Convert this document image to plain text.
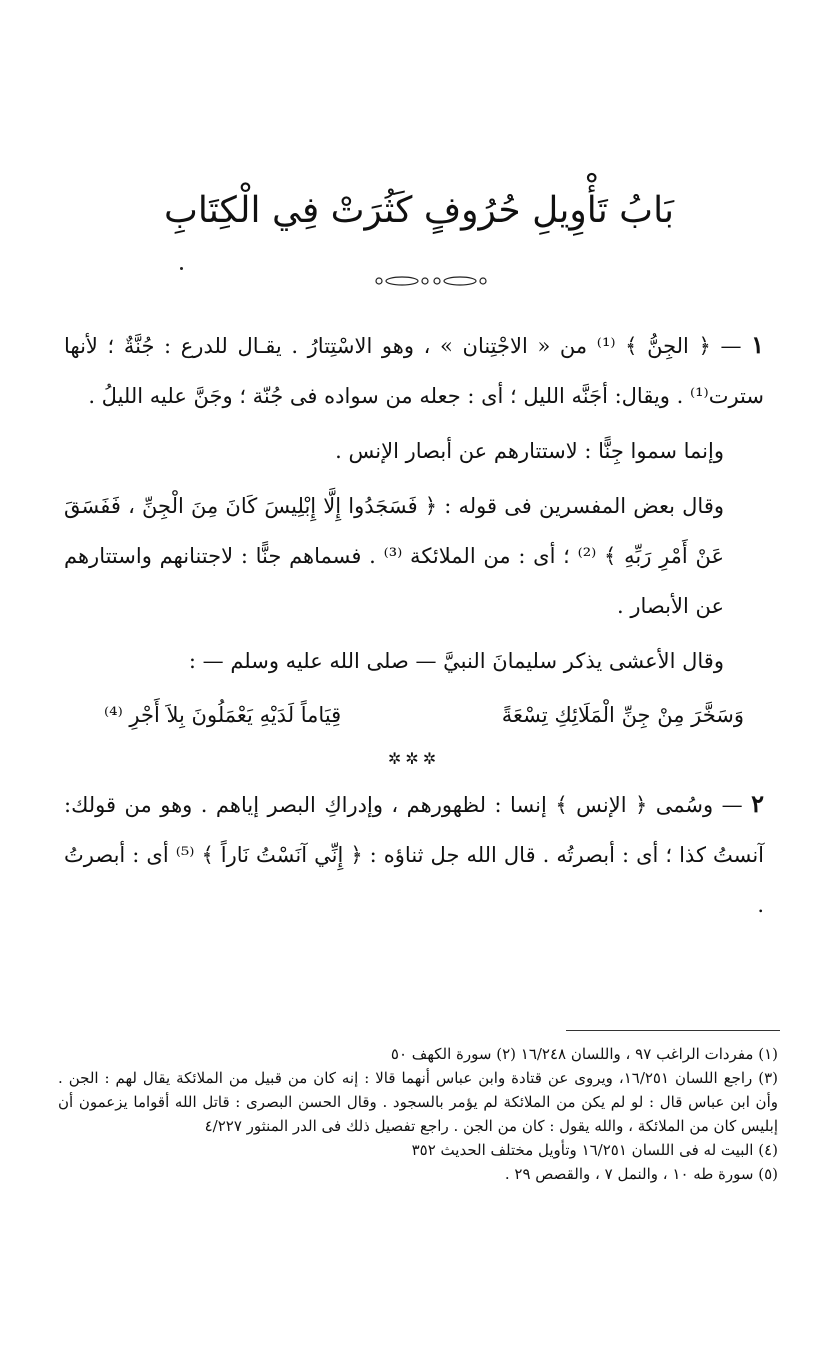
بَابُ تَأْوِيلِ حُرُوفٍ كَثُرَتْ فِي الْكِتَابِ

١ — ﴿ الجِنُّ ﴾ ⁽¹⁾ من « الاجْتِنان » ، وهو الاسْتِتارُ . يقـال للدرع : جُنَّةٌ ؛ لأنها سترت⁽¹⁾ . ويقال: أجَنَّه الليل ؛ أى : جعله من سواده فى جُنّة ؛ وجَنَّ عليه الليلُ .

وإنما سموا جِنًّا : لاستتارهم عن أبصار الإنس .

وقال بعض المفسرين فى قوله : ﴿ فَسَجَدُوا إِلَّا إِبْلِيسَ كَانَ مِنَ الْجِنِّ ، فَفَسَقَ عَنْ أَمْرِ رَبِّهِ ﴾ ⁽²⁾ ؛ أى : من الملائكة ⁽³⁾ . فسماهم جنًّا : لاجتنانهم واستتارهم عن الأبصار .

وقال الأعشى يذكر سليمانَ النبيَّ — صلى الله عليه وسلم — :

وَسَخَّرَ مِنْ جِنِّ الْمَلَائِكِ تِسْعَةً
قِيَاماً لَدَيْهِ يَعْمَلُونَ بِلاَ أَجْرِ ⁽⁴⁾
✲✲✲

٢ — وسُمى ﴿ الإنس ﴾ إنسا : لظهورهم ، وإدراكِ البصر إياهم . وهو من قولك: آنستُ كذا ؛ أى : أبصرتُه . قال الله جل ثناؤه : ﴿ إِنِّي آنَسْتُ نَاراً ﴾ ⁽⁵⁾ أى : أبصرتُ .

(١) مفردات الراغب ٩٧ ، واللسان ١٦/٢٤٨ (٢) سورة الكهف ٥٠

(٣) راجع اللسان ١٦/٢٥١، ويروى عن قتادة وابن عباس أنهما قالا : إنه كان من قبيل من الملائكة يقال لهم : الجن . وأن ابن عباس قال : لو لم يكن من الملائكة لم يؤمر بالسجود . وقال الحسن البصرى : قاتل الله أقواما يزعمون أن إبليس كان من الملائكة ، والله يقول : كان من الجن . راجع تفصيل ذلك فى الدر المنثور ٤/٢٢٧

(٤) البيت له فى اللسان ١٦/٢٥١ وتأويل مختلف الحديث ٣٥٢

(٥) سورة طه ١٠ ، والنمل ٧ ، والقصص ٢٩ .
